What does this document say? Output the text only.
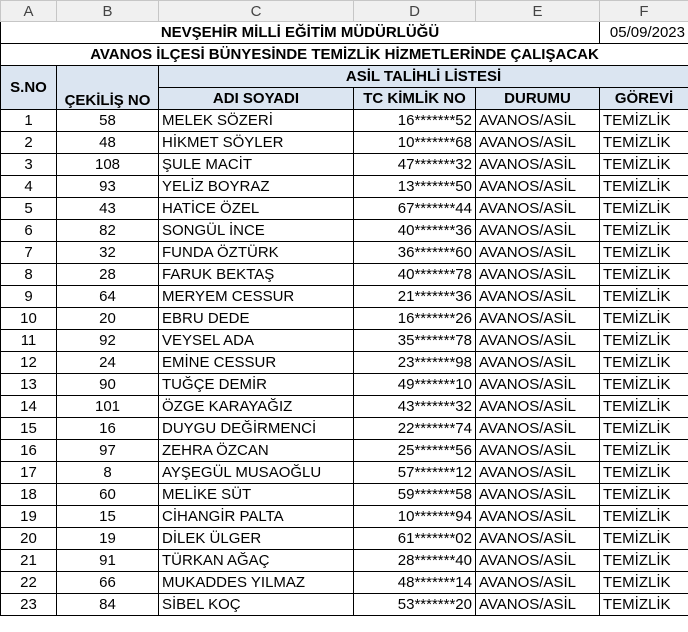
A	B	C	D	E	F
NEVŞEHİR MİLLİ EĞİTİM MÜDÜRLÜĞÜ					05/09/2023
AVANOS İLÇESİ BÜNYESİNDE TEMİZLİK HİZMETLERİNDE ÇALIŞACAK					
S.NO	ÇEKİLİŞ NO	ASİL TALİHLİ LİSTESİ			
		ADI SOYADI	TC KİMLİK NO	DURUMU	GÖREVİ
1	58	MELEK SÖZERİ	16*******52	AVANOS/ASİL	TEMİZLİK
2	48	HİKMET SÖYLER	10*******68	AVANOS/ASİL	TEMİZLİK
3	108	ŞULE MACİT	47*******32	AVANOS/ASİL	TEMİZLİK
4	93	YELİZ BOYRAZ	13*******50	AVANOS/ASİL	TEMİZLİK
5	43	HATİCE ÖZEL	67*******44	AVANOS/ASİL	TEMİZLİK
6	82	SONGÜL İNCE	40*******36	AVANOS/ASİL	TEMİZLİK
7	32	FUNDA ÖZTÜRK	36*******60	AVANOS/ASİL	TEMİZLİK
8	28	FARUK BEKTAŞ	40*******78	AVANOS/ASİL	TEMİZLİK
9	64	MERYEM CESSUR	21*******36	AVANOS/ASİL	TEMİZLİK
10	20	EBRU DEDE	16*******26	AVANOS/ASİL	TEMİZLİK
11	92	VEYSEL ADA	35*******78	AVANOS/ASİL	TEMİZLİK
12	24	EMİNE CESSUR	23*******98	AVANOS/ASİL	TEMİZLİK
13	90	TUĞÇE DEMİR	49*******10	AVANOS/ASİL	TEMİZLİK
14	101	ÖZGE KARAYAĞIZ	43*******32	AVANOS/ASİL	TEMİZLİK
15	16	DUYGU DEĞİRMENCİ	22*******74	AVANOS/ASİL	TEMİZLİK
16	97	ZEHRA ÖZCAN	25*******56	AVANOS/ASİL	TEMİZLİK
17	8	AYŞEGÜL MUSAOĞLU	57*******12	AVANOS/ASİL	TEMİZLİK
18	60	MELİKE SÜT	59*******58	AVANOS/ASİL	TEMİZLİK
19	15	CİHANGİR PALTA	10*******94	AVANOS/ASİL	TEMİZLİK
20	19	DİLEK ÜLGER	61*******02	AVANOS/ASİL	TEMİZLİK
21	91	TÜRKAN AĞAÇ	28*******40	AVANOS/ASİL	TEMİZLİK
22	66	MUKADDES YILMAZ	48*******14	AVANOS/ASİL	TEMİZLİK
23	84	SİBEL KOÇ	53*******20	AVANOS/ASİL	TEMİZLİK
